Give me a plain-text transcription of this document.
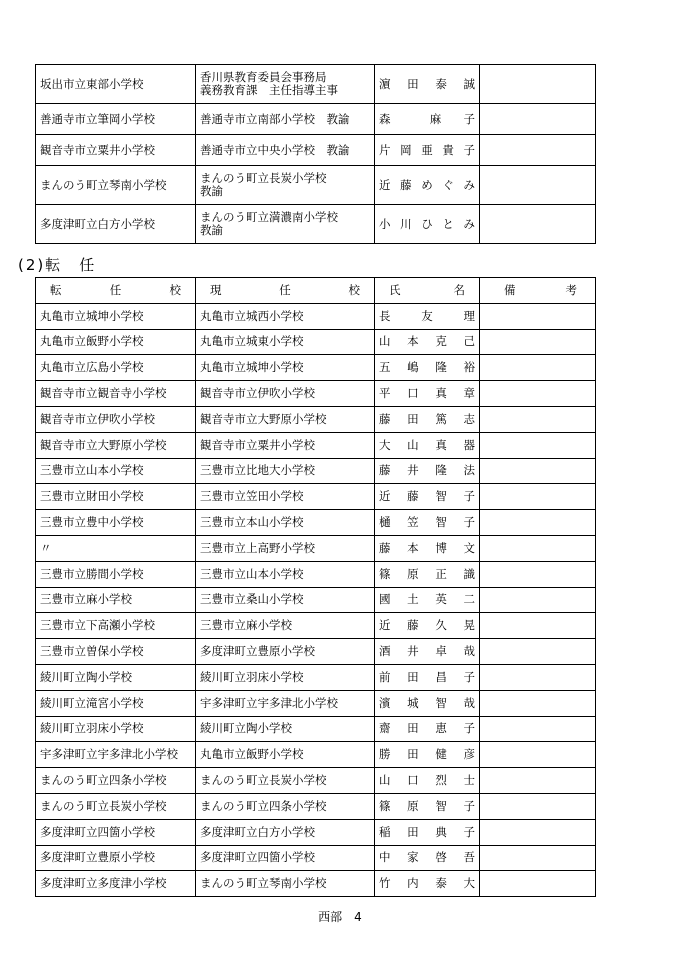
坂出市立東部小学校	香川県教育委員会事務局
義務教育課　主任指導主事	濵 田 泰 誠	

善通寺市立筆岡小学校	善通寺市立南部小学校　教諭	森　　麻　子	

観音寺市立粟井小学校	善通寺市立中央小学校　教諭	片 岡 亜 貴 子	

まんのう町立琴南小学校	まんのう町立長炭小学校
教諭	近 藤 め ぐ み	

多度津町立白方小学校	まんのう町立満濃南小学校
教諭	小 川 ひ と み	

(2)転　任
転任校	現任校	氏名	備考

丸亀市立城坤小学校	丸亀市立城西小学校	長友理	

丸亀市立飯野小学校	丸亀市立城東小学校	山本克己	

丸亀市立広島小学校	丸亀市立城坤小学校	五嶋隆裕	

観音寺市立観音寺小学校	観音寺市立伊吹小学校	平口真章	

観音寺市立伊吹小学校	観音寺市立大野原小学校	藤田篤志	

観音寺市立大野原小学校	観音寺市立粟井小学校	大山真器	

三豊市立山本小学校	三豊市立比地大小学校	藤井隆法	

三豊市立財田小学校	三豊市立笠田小学校	近藤智子	

三豊市立豊中小学校	三豊市立本山小学校	樋笠智子	

〃	三豊市立上高野小学校	藤本博文	

三豊市立勝間小学校	三豊市立山本小学校	篠原正識	

三豊市立麻小学校	三豊市立桑山小学校	國土英二	

三豊市立下高瀬小学校	三豊市立麻小学校	近藤久晃	

三豊市立曽保小学校	多度津町立豊原小学校	酒井卓哉	

綾川町立陶小学校	綾川町立羽床小学校	前田昌子	

綾川町立滝宮小学校	宇多津町立宇多津北小学校	濱城智哉	

綾川町立羽床小学校	綾川町立陶小学校	齋田恵子	

宇多津町立宇多津北小学校	丸亀市立飯野小学校	勝田健彦	

まんのう町立四条小学校	まんのう町立長炭小学校	山口烈士	

まんのう町立長炭小学校	まんのう町立四条小学校	篠原智子	

多度津町立四箇小学校	多度津町立白方小学校	稲田典子	

多度津町立豊原小学校	多度津町立四箇小学校	中家啓吾	

多度津町立多度津小学校	まんのう町立琴南小学校	竹内泰大	

西部　4
